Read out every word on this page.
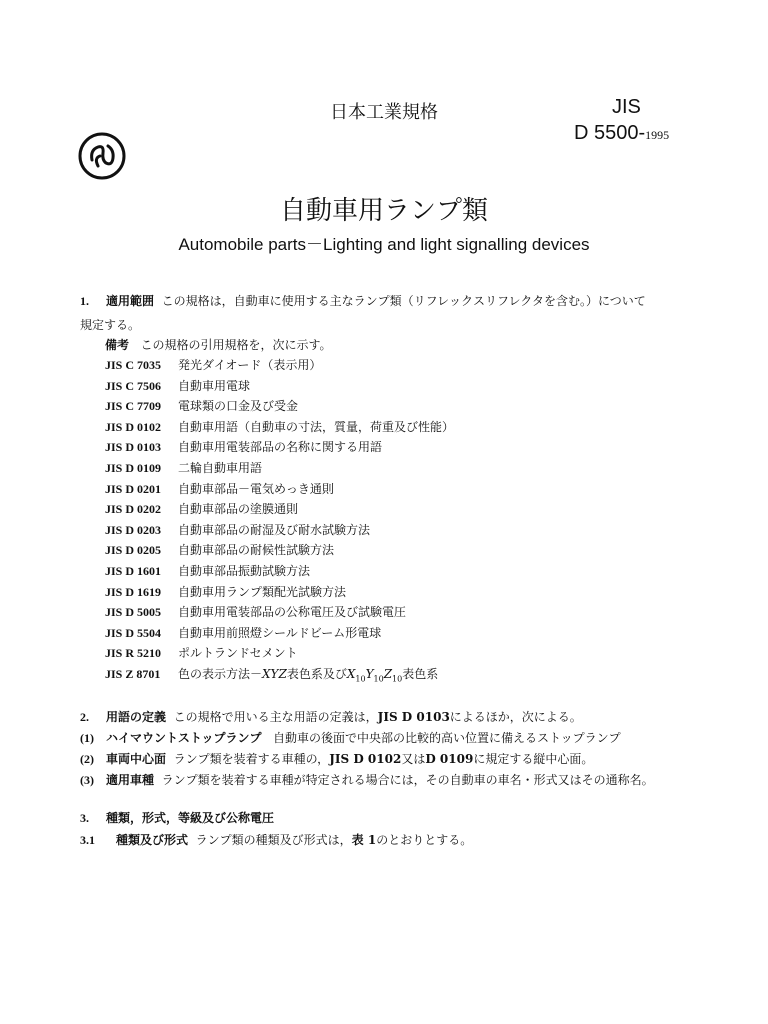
日本工業規格	JIS
D 5500-1995
自動車用ランプ類
Automobile parts－Lighting and light signalling devices
1. 適用範囲 この規格は，自動車に使用する主なランプ類（リフレックスリフレクタを含む。）について
規定する。
備考 この規格の引用規格を，次に示す。
JIS C 7035 発光ダイオード（表示用）
JIS C 7506 自動車用電球
JIS C 7709 電球類の口金及び受金
JIS D 0102 自動車用語（自動車の寸法，質量，荷重及び性能）
JIS D 0103 自動車用電装部品の名称に関する用語
JIS D 0109 二輪自動車用語
JIS D 0201 自動車部品－電気めっき通則
JIS D 0202 自動車部品の塗膜通則
JIS D 0203 自動車部品の耐湿及び耐水試験方法
JIS D 0205 自動車部品の耐候性試験方法
JIS D 1601 自動車部品振動試験方法
JIS D 1619 自動車用ランプ類配光試験方法
JIS D 5005 自動車用電装部品の公称電圧及び試験電圧
JIS D 5504 自動車用前照燈シールドビーム形電球
JIS R 5210 ポルトランドセメント
JIS Z 8701 色の表示方法－XYZ表色系及び$X_{10}Y_{10}Z_{10}$表色系
2. 用語の定義 この規格で用いる主な用語の定義は，JIS D 0103によるほか，次による。
(1) ハイマウントストップランプ 自動車の後面で中央部の比較的高い位置に備えるストップランプ
(2) 車両中心面 ランプ類を装着する車種の，JIS D 0102又はD 0109に規定する縦中心面。
(3) 適用車種 ランプ類を装着する車種が特定される場合には，その自動車の車名・形式又はその通称名。
3. 種類，形式，等級及び公称電圧
3.1 種類及び形式 ランプ類の種類及び形式は，表 1のとおりとする。
